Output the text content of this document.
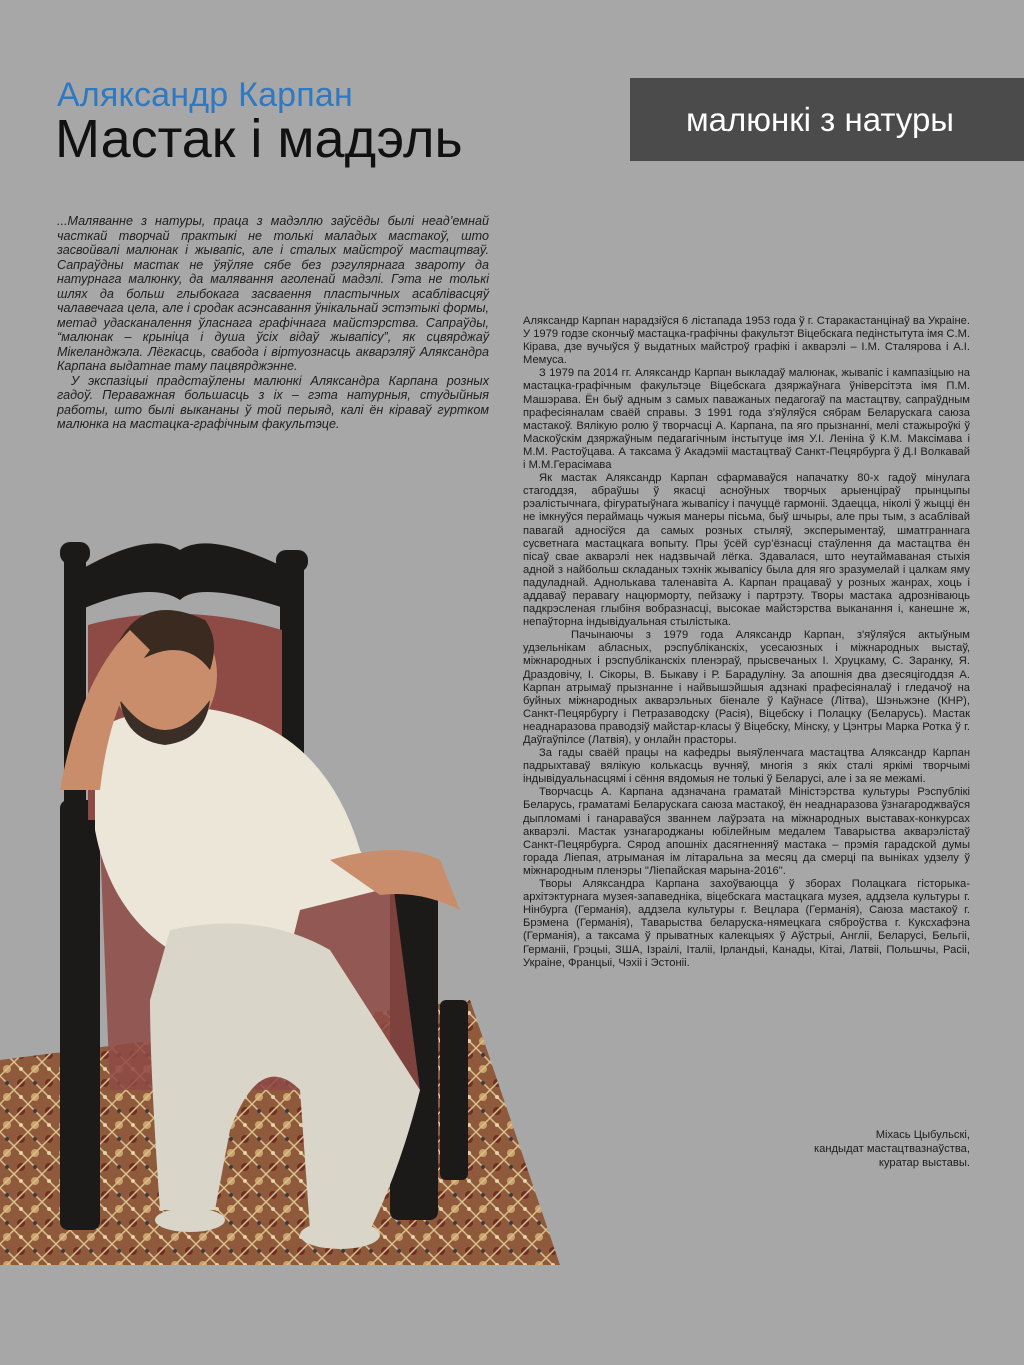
Аляксандр Карпан
Мастак і мадэль	малюнкі з натуры

...Маляванне з натуры, праца з мадэллю заўсёды былі неад’емнай часткай творчай практыкі не толькі маладых мастакоў, што засвойвалі малюнак і жывапіс, але і сталых майстроў мастацтваў. Сапраўдны мастак не ўяўляе сябе без рэгулярнага звароту да натурнага малюнку, да малявання аголенай мадэлі. Гэта не толькі шлях да больш глыбокага засваення пластычных асаблівасцяў чалавечага цела, але і сродак асэнсавання ўнікальнай эстэтыкі формы, метад удасканалення ўласнага графічнага майстэрства. Сапраўды, “малюнак – крыніца і душа ўсіх відаў жывапісу”, як сцвярджаў Мікеланджэла. Лёгкасць, свабода і віртуознасць акварэляў Аляксандра Карпана выдатнае таму пацвярджэнне.

У экспазіцыі прадстаўлены малюнкі Аляксандра Карпана розных гадоў. Пераважная большасць з іх – гэта натурныя, студыйныя работы, што былі выкананы ў той перыяд, калі ён кіраваў гуртком малюнка на мастацка-графічным факультэце.

Аляксандр Карпан нарадзіўся 6 лістапада 1953 года ў г. Старакастанцінаў ва Украіне. У 1979 годзе скончыў мастацка-графічны факультэт Віцебскага педінстытута імя С.М. Кірава, дзе вучыўся ў выдатных майстроў графікі і акварэлі – І.М. Сталярова і А.І. Мемуса.

З 1979 па 2014 гг. Аляксандр Карпан выкладаў малюнак, жывапіс і кампазіцыю на мастацка-графічным факультэце Віцебскага дзяржаўнага ўніверсітэта імя П.М. Машэрава. Ён быў адным з самых паважаных педагогаў па мастацтву, сапраўдным прафесіяналам сваёй справы. З 1991 года з'яўляўся сябрам Беларускага саюза мастакоў. Вялікую ролю ў творчасці А. Карпана, па яго прызнанні, мелі стажыроўкі ў Маскоўскім дзяржаўным педагагічным інстытуце імя У.І. Леніна ў К.М. Максімава і М.М. Растоўцава. А таксама ў Акадэміі мастацтваў Санкт-Пецярбурга ў Д.І Волкавай і М.М.Герасімава

Як мастак Аляксандр Карпан сфармаваўся напачатку 80-х гадоў мінулага стагоддзя, абраўшы ў якасці асноўных творчых арыенціраў прынцыпы рэалістычнага, фігуратыўнага жывапісу і пачуццё гармоніі. Здаецца, ніколі ў жыцці ён не імкнуўся пераймаць чужыя манеры пісьма, быў шчыры, але пры тым, з асаблівай павагай адносіўся да самых розных стыляў, эксперыментаў, шматграннага сусветнага мастацкага вопыту. Пры ўсёй сур’ёзнасці стаўлення да мастацтва ён пісаў свае акварэлі нек надзвычай лёгка. Здавалася, што неутаймаваная стыхія адной з найбольш складаных тэхнік жывапісу была для яго зразумелай і цалкам яму падуладнай. Аднолькава таленавіта А. Карпан працаваў у розных жанрах, хоць і аддаваў перавагу нацюрморту, пейзажу і партрэту. Творы мастака адрозніваюць падкрэсленая глыбіня вобразнасці, высокае майстэрства выканання і, канешне ж, непаўторна індывідуальная стылістыка.

Пачынаючы з 1979 года Аляксандр Карпан, з'яўляўся актыўным удзельнікам абласных, рэспубліканскіх, усесаюзных і міжнародных выстаў, міжнародных і рэспубліканскіх пленэраў, прысвечаных І. Хруцкаму, С. Заранку, Я. Драздовічу, І. Сікоры, В. Быкаву і Р. Барадуліну. За апошнія два дзесяцігоддзя А. Карпан атрымаў прызнанне і найвышэйшыя адзнакі прафесіяналаў і гледачоў на буйных міжнародных акварэльных біенале ў Каўнасе (Літва), Шэньжэне (КНР), Санкт-Пецярбургу і Петразаводску (Расія), Віцебску і Полацку (Беларусь). Мастак неаднаразова праводзіў майстар-класы ў Віцебску, Мінску, у Цэнтры Марка Ротка ў г. Даўгаўпілсе (Латвія), у онлайн прасторы.

За гады сваёй працы на кафедры выяўленчага мастацтва Аляксандр Карпан падрыхтаваў вялікую колькасць вучняў, многія з якіх сталі яркімі творчымі індывідуальнасцямі і сёння вядомыя не толькі ў Беларусі, але і за яе межамі.

Творчасць А. Карпана адзначана граматай Міністэрства культуры Рэспублікі Беларусь, граматамі Беларускага саюза мастакоў, ён неаднаразова ўзнагароджваўся дыпломамі і ганараваўся званнем лаўрэата на міжнародных выставах-конкурсах акварэлі. Мастак узнагароджаны юбілейным медалем Таварыства акварэлістаў Санкт-Пецярбурга. Сярод апошніх дасягненняў мастака – прэмія гарадской думы горада Ліепая, атрыманая ім літаральна за месяц да смерці па выніках удзелу ў міжнародным пленэры "Ліепайская марына-2016".

Творы Аляксандра Карпана захоўваюцца ў зборах Полацкага гісторыка-архітэктурнага музея-запаведніка, віцебскага мастацкага музея, аддзела культуры г. Нінбурга (Германія), аддзела культуры г. Вецлара (Германія), Саюза мастакоў г. Брэмена (Германія), Таварыства беларуска-нямецкага сяброўства г. Куксхафэна (Германія), а таксама ў прыватных калекцыях ў Аўстрыі, Англіі, Беларусі, Бельгіі, Германіі, Грэцыі, ЗША, Ізраілі, Італіі, Ірландыі, Канады, Кітаі, Латвіі, Польшчы, Расіі, Украіне, Францыі, Чэхіі і Эстоніі.

Міхась Цыбульскі,
кандыдат мастацтвазнаўства,
куратар выставы.
